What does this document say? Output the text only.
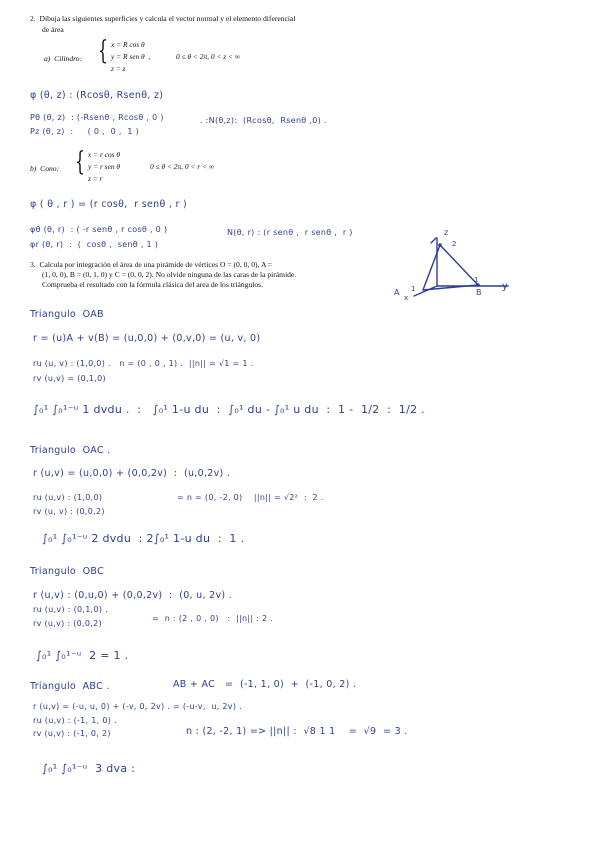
2.  Dibuja las siguientes superficies y calcula el vector normal y el elemento diferencial
de área
a)  Cilindro: { x = R cos θ
y = R sen θ  ,
z = z
0 ≤ θ < 2π, 0 < z < ∞
φ (θ, z) : (Rcosθ, Rsenθ, z)
Pθ (θ, z)  : (-Rsenθ , Rcosθ , 0 )	. :N(θ,z):  (Rcosθ,  Rsenθ ,0) .
Pz (θ, z)  :     ( 0 ,  0 ,  1 )
b)  Cono: { x = r cos θ
y = r sen θ
z = r
0 ≤ θ < 2π, 0 < r < ∞
φ ( θ , r ) = (r cosθ,  r senθ , r )
φθ (θ, r)  : ( -r senθ , r cosθ , 0 )	N(θ, r) : (r senθ ,  r senθ ,  r )
φr (θ, r)  :  (  cosθ ,  senθ , 1 )
3.  Calcula por integración el área de una pirámide de vértices O = (0, 0, 0), A =
(1, 0, 0), B = (0, 1, 0) y C = (0, 0, 2). No olvide ninguna de las caras de la pirámide.
Comprueba el resultado con la fórmula clásica del area de los triángulos.
z
2
y
1
B
A
x
1
Triangulo  OAB
r = (u)A + v(B) = (u,0,0) + (0,v,0) = (u, v, 0)
ru (u, v) : (1,0,0) .   n = (0 , 0 , 1) .  ||n|| = √1 = 1 .
rv (u,v) = (0,1,0)
∫₀¹ ∫₀¹⁻ᵘ 1 dvdu .  :   ∫₀¹ 1-u du  :  ∫₀¹ du - ∫₀¹ u du  :  1 -  1/2  :  1/2 .
Triangulo  OAC .
r (u,v) = (u,0,0) + (0,0,2v)  :  (u,0,2v) .
ru (u,v) : (1,0,0)	= n = (0, -2, 0)    ||n|| = √2²  :  2 .
rv (u, v) : (0,0,2)
∫₀¹ ∫₀¹⁻ᵘ 2 dvdu  : 2∫₀¹ 1-u du  :  1 .
Triangulo  OBC
r (u,v) : (0,u,0) + (0,0,2v)  :  (0, u, 2v) .
ru (u,v) : (0,1,0) .
=  n : (2 , 0 , 0)   :  ||n|| : 2 .
rv (u,v) : (0,0,2)
∫₀¹ ∫₀¹⁻ᵘ  2 = 1 .
Triangulo  ABC .	AB + AC   =  (-1, 1, 0)  +  (-1, 0, 2) .
r (u,v) = (-u, u, 0) + (-v, 0, 2v) . = (-u-v,  u, 2v) .
ru (u,v) : (-1, 1, 0) .
rv (u,v) : (-1, 0, 2)	n : (2, -2, 1) => ||n|| :  √8 1 1    =  √9  = 3 .
∫₀¹ ∫₀¹⁻ᵘ  3 dva :
